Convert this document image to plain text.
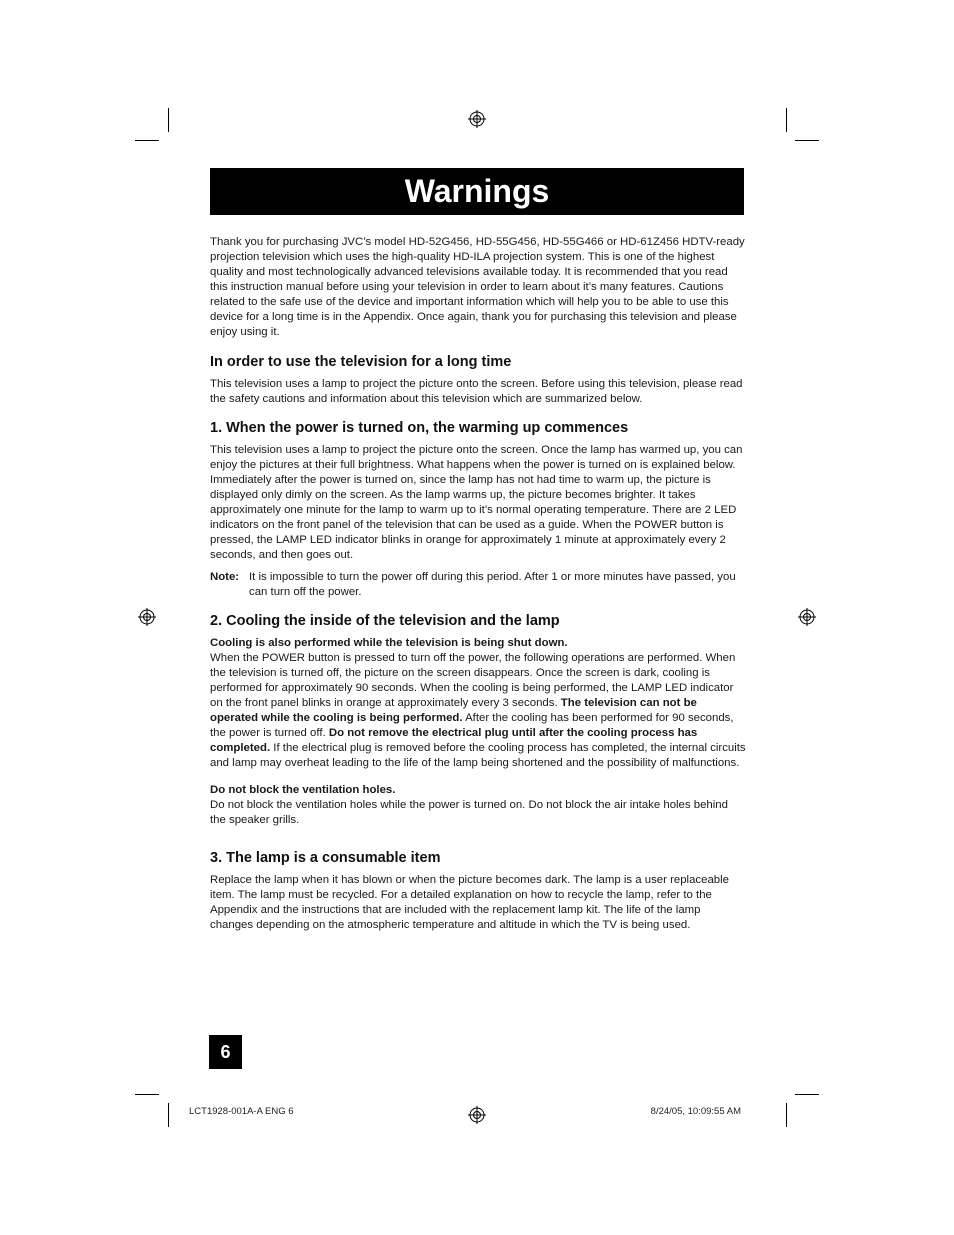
Warnings

Thank you for purchasing JVC’s model HD-52G456, HD-55G456, HD-55G466 or HD-61Z456 HDTV-ready projection television which uses the high-quality HD-ILA projection system. This is one of the highest quality and most technologically advanced televisions available today. It is recommended that you read this instruction manual before using your television in order to learn about it’s many features. Cautions related to the safe use of the device and important information which will help you to be able to use this device for a long time is in the Appendix. Once again, thank you for purchasing this television and please enjoy using it.

In order to use the television for a long time

This television uses a lamp to project the picture onto the screen. Before using this television, please read the safety cautions and information about this television which are summarized below.

1. When the power is turned on, the warming up commences

This television uses a lamp to project the picture onto the screen. Once the lamp has warmed up, you can enjoy the pictures at their full brightness. What happens when the power is turned on is explained below. Immediately after the power is turned on, since the lamp has not had time to warm up, the picture is displayed only dimly on the screen. As the lamp warms up, the picture becomes brighter. It takes approximately one minute for the lamp to warm up to it’s normal operating temperature. There are 2 LED indicators on the front panel of the television that can be used as a guide. When the POWER button is pressed, the LAMP LED indicator blinks in orange for approximately 1 minute at approximately every 2 seconds, and then goes out.

Note: It is impossible to turn the power off during this period. After 1 or more minutes have passed, you can turn off the power.

2. Cooling the inside of the television and the lamp

Cooling is also performed while the television is being shut down.
When the POWER button is pressed to turn off the power, the following operations are performed. When the television is turned off, the picture on the screen disappears. Once the screen is dark, cooling is performed for approximately 90 seconds. When the cooling is being performed, the LAMP LED indicator on the front panel blinks in orange at approximately every 3 seconds. The television can not be operated while the cooling is being performed. After the cooling has been performed for 90 seconds, the power is turned off. Do not remove the electrical plug until after the cooling process has completed. If the electrical plug is removed before the cooling process has completed, the internal circuits and lamp may overheat leading to the life of the lamp being shortened and the possibility of malfunctions.

Do not block the ventilation holes.
Do not block the ventilation holes while the power is turned on. Do not block the air intake holes behind the speaker grills.

3. The lamp is a consumable item

Replace the lamp when it has blown or when the picture becomes dark. The lamp is a user replaceable item. The lamp must be recycled. For a detailed explanation on how to recycle the lamp, refer to the Appendix and the instructions that are included with the replacement lamp kit. The life of the lamp changes depending on the atmospheric temperature and altitude in which the TV is being used.

6
LCT1928-001A-A ENG 6	8/24/05, 10:09:55 AM
